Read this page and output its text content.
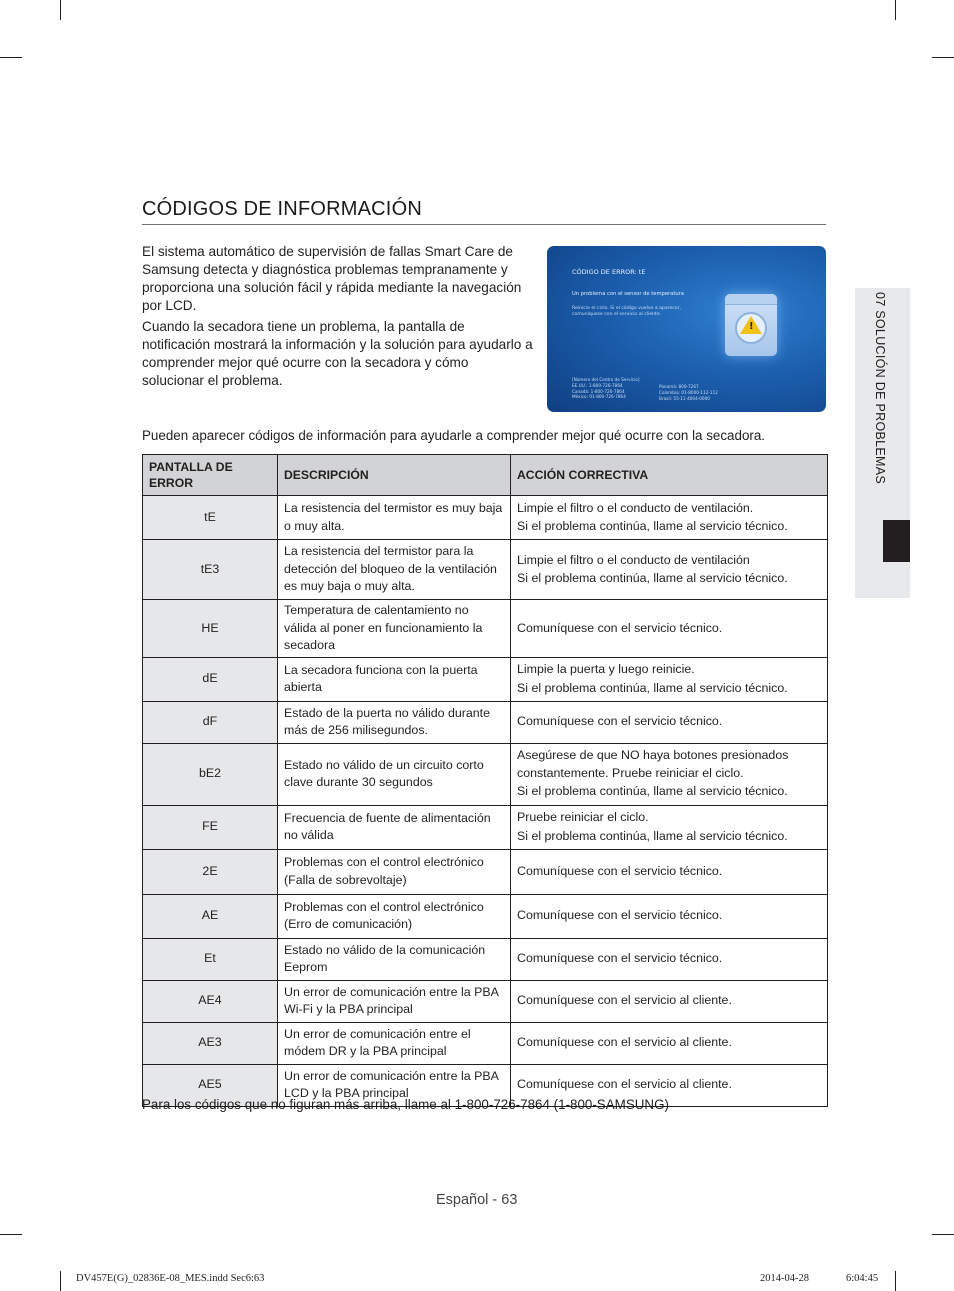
CÓDIGOS DE INFORMACIÓN

El sistema automático de supervisión de fallas Smart Care de Samsung detecta y diagnóstica problemas tempranamente y proporciona una solución fácil y rápida mediante la navegación por LCD.

Cuando la secadora tiene un problema, la pantalla de notificación mostrará la información y la solución para ayudarlo a comprender mejor qué ocurre con la secadora y cómo solucionar el problema.

CÓDIGO DE ERROR: tE
Un problema con el sensor de temperatura
Reinicie el ciclo. Si el código vuelve a aparecer, comuníquese con el servicio al cliente.
!
[Número del Centro de Servicio]
EE.UU.: 1-800-726-7864
Canadá: 1-800-726-7864
México: 01-800-726-7864
Panamá: 800-7267
Colombia: 01-8000-112-112
Brasil: 55-11-4004-0000
Pueden aparecer códigos de información para ayudarle a comprender mejor qué ocurre con la secadora.
PANTALLA DE ERROR	DESCRIPCIÓN	ACCIÓN CORRECTIVA
tE	La resistencia del termistor es muy baja o muy alta.	Limpie el filtro o el conducto de ventilación.
Si el problema continúa, llame al servicio técnico.

tE3	La resistencia del termistor para la detección del bloqueo de la ventilación es muy baja o muy alta.	Limpie el filtro o el conducto de ventilación
Si el problema continúa, llame al servicio técnico.

HE	Temperatura de calentamiento no válida al poner en funcionamiento la secadora	Comuníquese con el servicio técnico.

dE	La secadora funciona con la puerta abierta	Limpie la puerta y luego reinicie.
Si el problema continúa, llame al servicio técnico.

dF	Estado de la puerta no válido durante más de 256 milisegundos.	Comuníquese con el servicio técnico.

bE2	Estado no válido de un circuito corto clave durante 30 segundos	Asegúrese de que NO haya botones presionados constantemente. Pruebe reiniciar el ciclo.
Si el problema continúa, llame al servicio técnico.

FE	Frecuencia de fuente de alimentación no válida	Pruebe reiniciar el ciclo.
Si el problema continúa, llame al servicio técnico.

2E	Problemas con el control electrónico (Falla de sobrevoltaje)	Comuníquese con el servicio técnico.

AE	Problemas con el control electrónico (Erro de comunicación)	Comuníquese con el servicio técnico.

Et	Estado no válido de la comunicación Eeprom	Comuníquese con el servicio técnico.

AE4	Un error de comunicación entre la PBA Wi-Fi y la PBA principal	Comuníquese con el servicio al cliente.

AE3	Un error de comunicación entre el módem DR y la PBA principal	Comuníquese con el servicio al cliente.

AE5	Un error de comunicación entre la PBA LCD y la PBA principal	Comuníquese con el servicio al cliente.
Para los códigos que no figuran más arriba, llame al 1-800-726-7864 (1-800-SAMSUNG)
Español - 63
07 SOLUCIÓN DE PROBLEMAS
DV457E(G)_02836E-08_MES.indd Sec6:63	2014-04-28	6:04:45
